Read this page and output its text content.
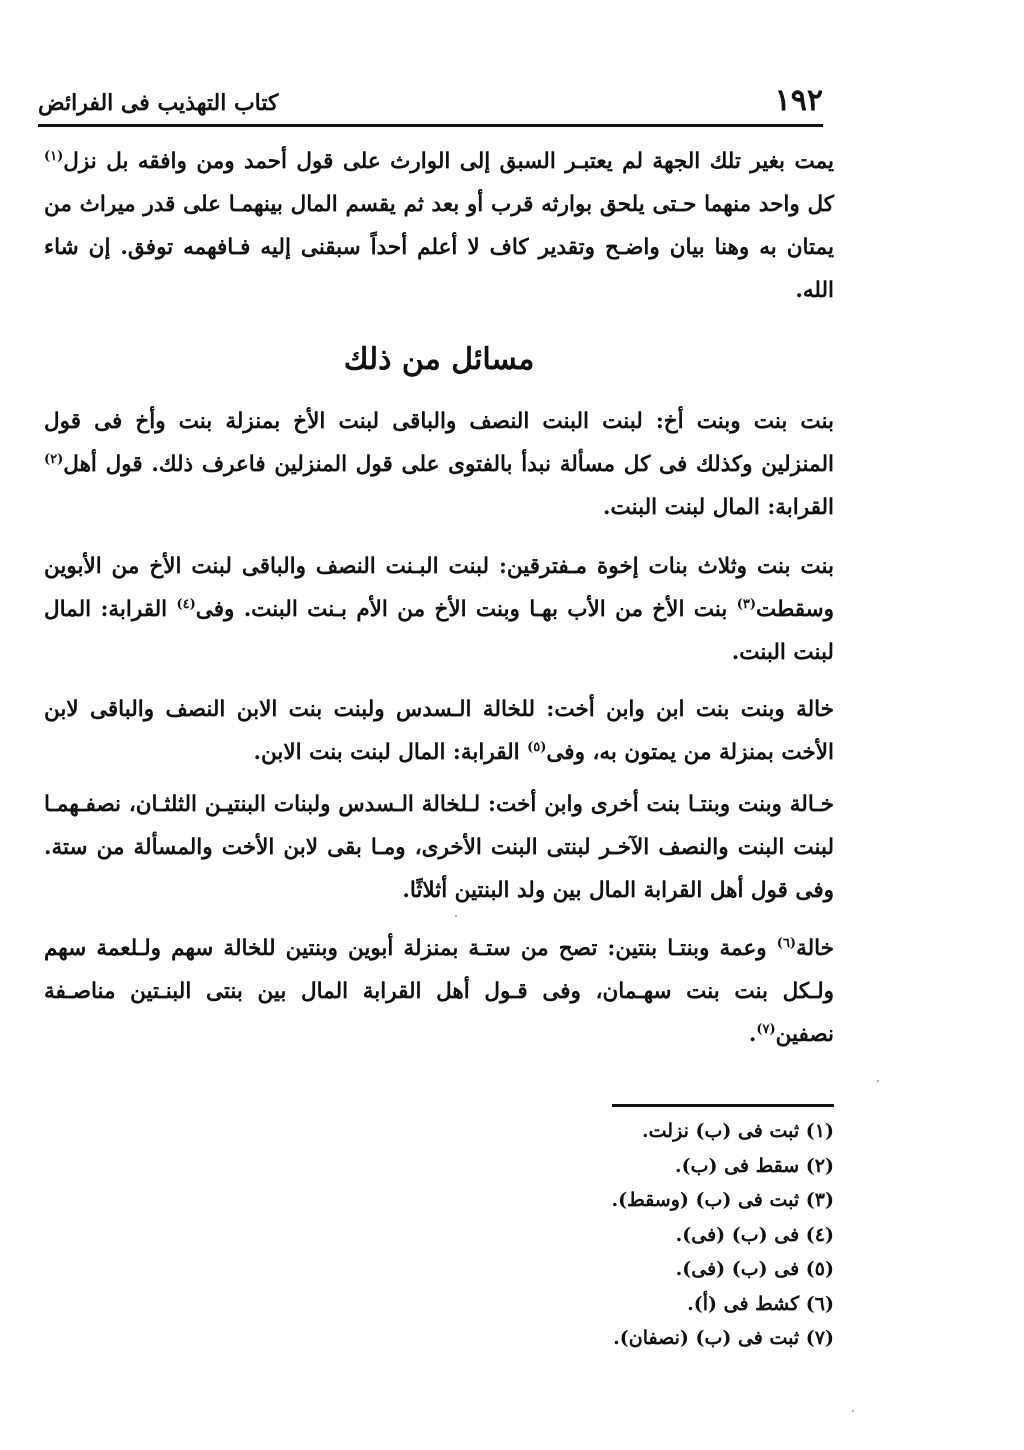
١٩٢
كتاب التهذيب فى الفرائض

يمت بغير تلك الجهة لم يعتبـر السبق إلى الوارث على قول أحمد ومن وافقه بل نزل$^{(١)}$ كل واحد منهما حـتى يلحق بوارثه قرب أو بعد ثم يقسم المال بينهمـا على قدر ميراث من يمتان به وهنا بيان واضـح وتقدير كاف لا أعلم أحداً سبقنى إليه فـافهمه توفق. إن شاء الله.

مسائل من ذلك

بنت بنت وبنت أخ: لبنت البنت النصف والباقى لبنت الأخ بمنزلة بنت وأخ فى قول المنزلين وكذلك فى كل مسألة نبدأ بالفتوى على قول المنزلين فاعرف ذلك. قول أهل$^{(٢)}$ القرابة: المال لبنت البنت.

بنت بنت وثلاث بنات إخوة مـفترقين: لبنت البـنت النصف والباقى لبنت الأخ من الأبوين وسقطت$^{(٣)}$ بنت الأخ من الأب بهـا وبنت الأخ من الأم بـنت البنت. وفى$^{(٤)}$ القرابة: المال لبنت البنت.

خالة وبنت بنت ابن وابن أخت: للخالة الـسدس ولبنت بنت الابن النصف والباقى لابن الأخت بمنزلة من يمتون به، وفى$^{(٥)}$ القرابة: المال لبنت بنت الابن.

خـالة وبنت وبنتـا بنت أخرى وابن أخت: لـلخالة الـسدس ولبنات البنتيـن الثلثـان، نصفـهمـا لبنت البنت والنصف الآخـر لبنتى البنت الأخرى، ومـا بقى لابن الأخت والمسألة من ستة. وفى قول أهل القرابة المال بين ولد البنتين أثلاثًا.

خالة$^{(٦)}$ وعمة وبنتـا بنتين: تصح من ستـة بمنزلة أبوين وبنتين للخالة سهم ولـلعمة سهم ولـكل بنت بنت سهـمان، وفى قـول أهل القرابة المال بين بنتى البنـتين مناصـفة نصفين$^{(٧)}$.

(١) ثبت فى (ب) نزلت.
(٢) سقط فى (ب).
(٣) ثبت فى (ب) (وسقط).
(٤) فى (ب) (فى).
(٥) فى (ب) (فى).
(٦) كشط فى (أ).
(٧) ثبت فى (ب) (نصفان).
